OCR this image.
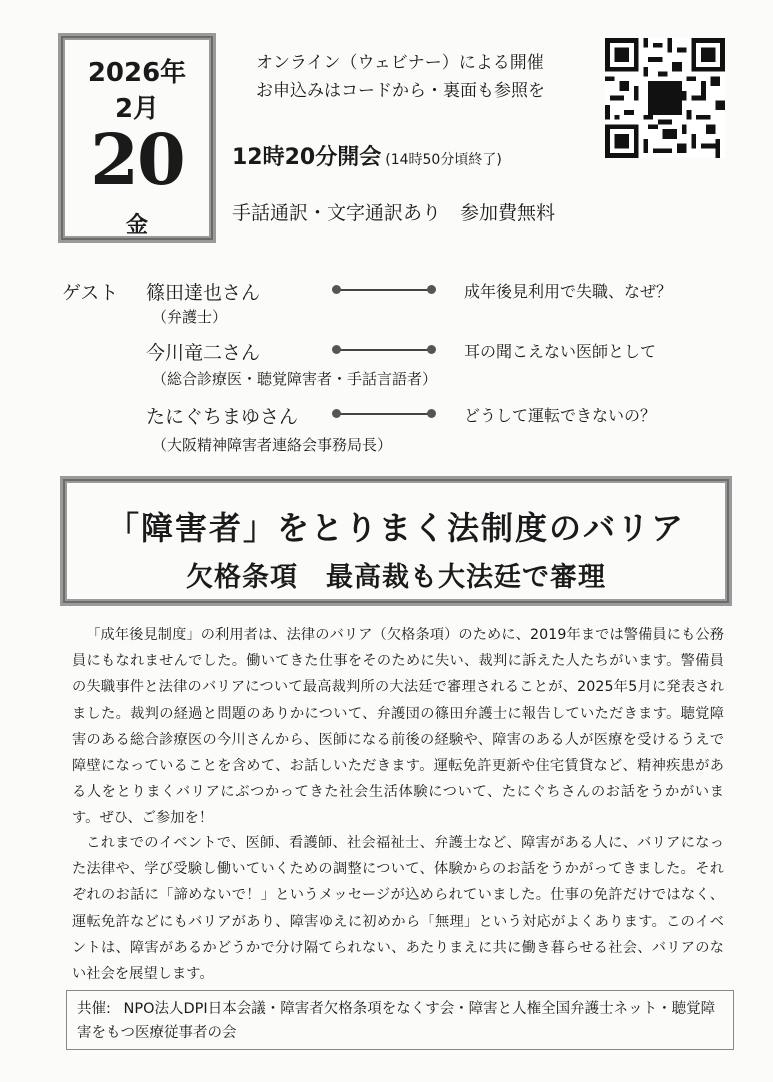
2026年
2月
20
金
オンライン（ウェビナー）による開催
お申込みはコードから・裏面も参照を
12時20分開会 (14時50分頃終了)
手話通訳・文字通訳あり　参加費無料
ゲスト 篠田達也さん
（弁護士）
成年後見利用で失職、なぜ？
今川竜二さん
（総合診療医・聴覚障害者・手話言語者）
耳の聞こえない医師として
たにぐちまゆさん
（大阪精神障害者連絡会事務局長）
どうして運転できないの？
「障害者」をとりまく法制度のバリア
欠格条項　最高裁も大法廷で審理
「成年後見制度」の利用者は、法律のバリア（欠格条項）のために、2019年までは警備員にも公務員にもなれませんでした。働いてきた仕事をそのために失い、裁判に訴えた人たちがいます。警備員の失職事件と法律のバリアについて最高裁判所の大法廷で審理されることが、2025年5月に発表されました。裁判の経過と問題のありかについて、弁護団の篠田弁護士に報告していただきます。聴覚障害のある総合診療医の今川さんから、医師になる前後の経験や、障害のある人が医療を受けるうえで障壁になっていることを含めて、お話しいただきます。運転免許更新や住宅賃貸など、精神疾患がある人をとりまくバリアにぶつかってきた社会生活体験について、たにぐちさんのお話をうかがいます。ぜひ、ご参加を！
これまでのイベントで、医師、看護師、社会福祉士、弁護士など、障害がある人に、バリアになった法律や、学び受験し働いていくための調整について、体験からのお話をうかがってきました。それぞれのお話に「諦めないで！」というメッセージが込められていました。仕事の免許だけではなく、運転免許などにもバリアがあり、障害ゆえに初めから「無理」という対応がよくあります。このイベントは、障害があるかどうかで分け隔てられない、あたりまえに共に働き暮らせる社会、バリアのない社会を展望します。
共催: NPO法人DPI日本会議・障害者欠格条項をなくす会・障害と人権全国弁護士ネット・聴覚障害をもつ医療従事者の会
